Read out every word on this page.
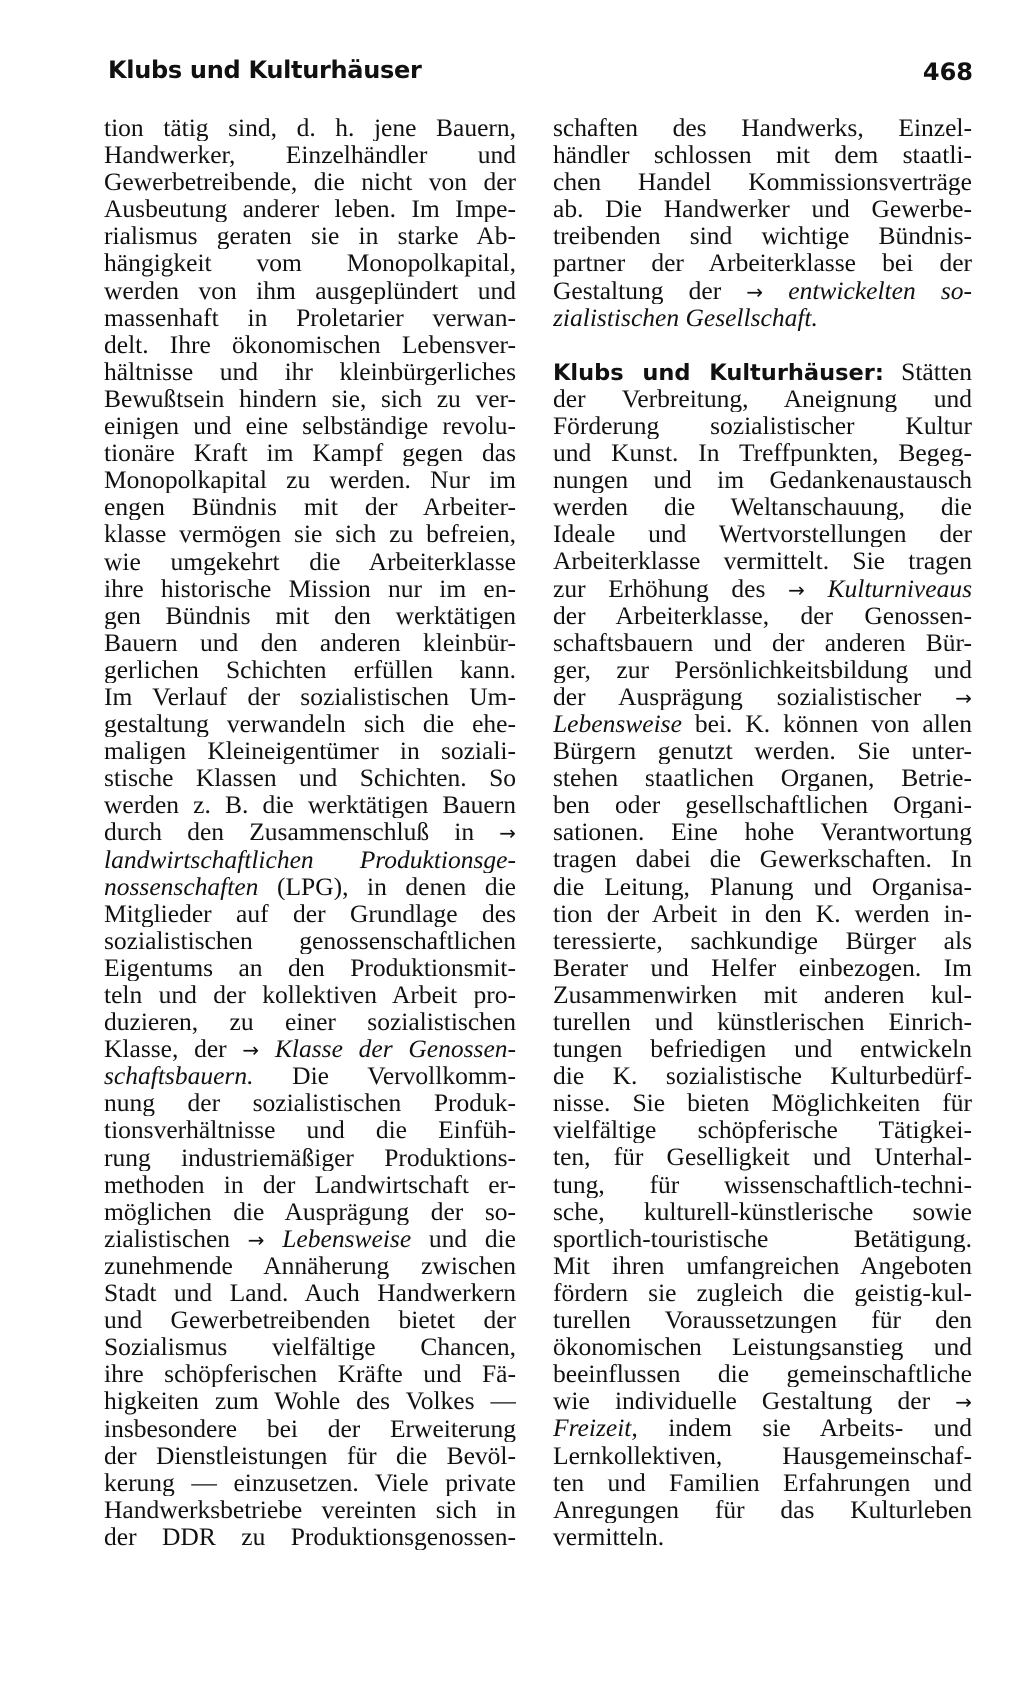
Klubs und Kulturhäuser	468
tion tätig sind, d. h. jene Bauern,
Handwerker, Einzelhändler und
Gewerbetreibende, die nicht von der
Ausbeutung anderer leben. Im Impe-
rialismus geraten sie in starke Ab-
hängigkeit vom Monopolkapital,
werden von ihm ausgeplündert und
massenhaft in Proletarier verwan-
delt. Ihre ökonomischen Lebensver-
hältnisse und ihr kleinbürgerliches
Bewußtsein hindern sie, sich zu ver-
einigen und eine selbständige revolu-
tionäre Kraft im Kampf gegen das
Monopolkapital zu werden. Nur im
engen Bündnis mit der Arbeiter-
klasse vermögen sie sich zu befreien,
wie umgekehrt die Arbeiterklasse
ihre historische Mission nur im en-
gen Bündnis mit den werktätigen
Bauern und den anderen kleinbür-
gerlichen Schichten erfüllen kann.
Im Verlauf der sozialistischen Um-
gestaltung verwandeln sich die ehe-
maligen Kleineigentümer in soziali-
stische Klassen und Schichten. So
werden z. B. die werktätigen Bauern
durch den Zusammenschluß in →
landwirtschaftlichen Produktionsge-
nossenschaften (LPG), in denen die
Mitglieder auf der Grundlage des
sozialistischen genossenschaftlichen
Eigentums an den Produktionsmit-
teln und der kollektiven Arbeit pro-
duzieren, zu einer sozialistischen
Klasse, der → Klasse der Genossen-
schaftsbauern. Die Vervollkomm-
nung der sozialistischen Produk-
tionsverhältnisse und die Einfüh-
rung industriemäßiger Produktions-
methoden in der Landwirtschaft er-
möglichen die Ausprägung der so-
zialistischen → Lebensweise und die
zunehmende Annäherung zwischen
Stadt und Land. Auch Handwerkern
und Gewerbetreibenden bietet der
Sozialismus vielfältige Chancen,
ihre schöpferischen Kräfte und Fä-
higkeiten zum Wohle des Volkes —
insbesondere bei der Erweiterung
der Dienstleistungen für die Bevöl-
kerung — einzusetzen. Viele private
Handwerksbetriebe vereinten sich in
der DDR zu Produktionsgenossen-
schaften des Handwerks, Einzel-
händler schlossen mit dem staatli-
chen Handel Kommissionsverträge
ab. Die Handwerker und Gewerbe-
treibenden sind wichtige Bündnis-
partner der Arbeiterklasse bei der
Gestaltung der → entwickelten so-
zialistischen Gesellschaft.
Klubs und Kulturhäuser: Stätten
der Verbreitung, Aneignung und
Förderung sozialistischer Kultur
und Kunst. In Treffpunkten, Begeg-
nungen und im Gedankenaustausch
werden die Weltanschauung, die
Ideale und Wertvorstellungen der
Arbeiterklasse vermittelt. Sie tragen
zur Erhöhung des → Kulturniveaus
der Arbeiterklasse, der Genossen-
schaftsbauern und der anderen Bür-
ger, zur Persönlichkeitsbildung und
der Ausprägung sozialistischer →
Lebensweise bei. K. können von allen
Bürgern genutzt werden. Sie unter-
stehen staatlichen Organen, Betrie-
ben oder gesellschaftlichen Organi-
sationen. Eine hohe Verantwortung
tragen dabei die Gewerkschaften. In
die Leitung, Planung und Organisa-
tion der Arbeit in den K. werden in-
teressierte, sachkundige Bürger als
Berater und Helfer einbezogen. Im
Zusammenwirken mit anderen kul-
turellen und künstlerischen Einrich-
tungen befriedigen und entwickeln
die K. sozialistische Kulturbedürf-
nisse. Sie bieten Möglichkeiten für
vielfältige schöpferische Tätigkei-
ten, für Geselligkeit und Unterhal-
tung, für wissenschaftlich-techni-
sche, kulturell-künstlerische sowie
sportlich-touristische Betätigung.
Mit ihren umfangreichen Angeboten
fördern sie zugleich die geistig-kul-
turellen Voraussetzungen für den
ökonomischen Leistungsanstieg und
beeinflussen die gemeinschaftliche
wie individuelle Gestaltung der →
Freizeit, indem sie Arbeits- und
Lernkollektiven, Hausgemeinschaf-
ten und Familien Erfahrungen und
Anregungen für das Kulturleben
vermitteln.
